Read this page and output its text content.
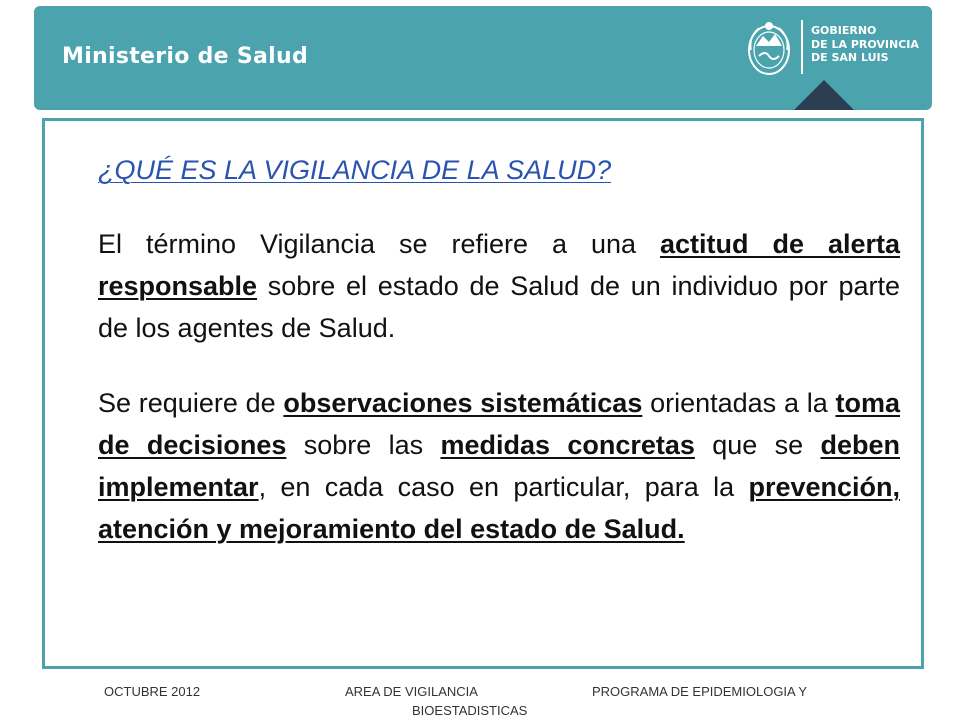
Ministerio de Salud
GOBIERNO
DE LA PROVINCIA
DE SAN LUIS
¿QUÉ ES LA VIGILANCIA DE LA SALUD?

El término Vigilancia se refiere a una actitud de alerta responsable sobre el estado de Salud de un individuo por parte de los agentes de Salud.

Se requiere de observaciones sistemáticas orientadas a la toma de decisiones sobre las medidas concretas que se deben implementar, en cada caso en particular, para la prevención, atención y mejoramiento del estado de Salud.

OCTUBRE 2012	AREA DE VIGILANCIA
BIOESTADISTICAS
PROGRAMA DE EPIDEMIOLOGIA Y
